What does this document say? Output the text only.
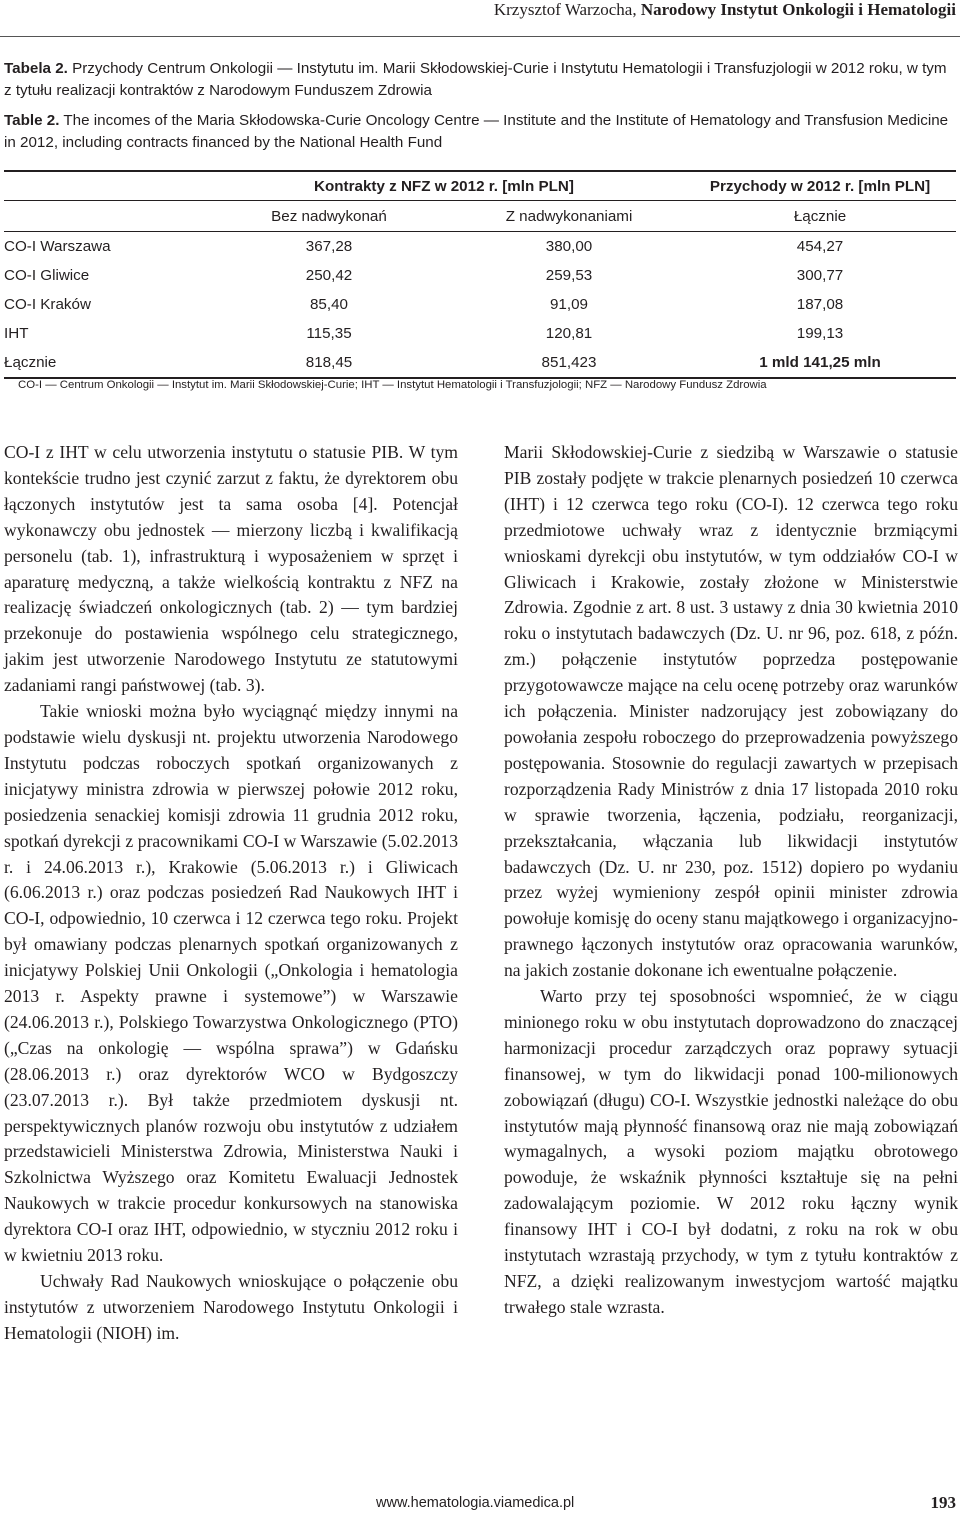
Krzysztof Warzocha, Narodowy Instytut Onkologii i Hematologii
Tabela 2. Przychody Centrum Onkologii — Instytutu im. Marii Skłodowskiej-Curie i Instytutu Hematologii i Transfuzjologii w 2012 roku, w tym z tytułu realizacji kontraktów z Narodowym Funduszem Zdrowia
Table 2. The incomes of the Maria Skłodowska-Curie Oncology Centre — Institute and the Institute of Hematology and Transfusion Medicine in 2012, including contracts financed by the National Health Fund
	Kontrakty z NFZ w 2012 r. [mln PLN]		Przychody w 2012 r. [mln PLN]
	Bez nadwykonań	Z nadwykonaniami	Łącznie
CO-I Warszawa	367,28	380,00	454,27
CO-I Gliwice	250,42	259,53	300,77
CO-I Kraków	85,40	91,09	187,08
IHT	115,35	120,81	199,13
Łącznie	818,45	851,423	1 mld 141,25 mln
CO-I — Centrum Onkologii — Instytut im. Marii Skłodowskiej-Curie; IHT — Instytut Hematologii i Transfuzjologii; NFZ — Narodowy Fundusz Zdrowia

CO-I z IHT w celu utworzenia instytutu o statusie PIB. W tym kontekście trudno jest czynić zarzut z faktu, że dyrektorem obu łączonych instytutów jest ta sama osoba [4]. Potencjał wykonawczy obu jednostek — mierzony liczbą i kwalifikacją personelu (tab. 1), infrastrukturą i wyposażeniem w sprzęt i aparaturę medyczną, a także wielkością kontraktu z NFZ na realizację świadczeń onkologicznych (tab. 2) — tym bardziej przekonuje do postawienia wspólnego celu strategicznego, jakim jest utworzenie Narodowego Instytutu ze statutowymi zadaniami rangi państwowej (tab. 3).

Takie wnioski można było wyciągnąć między innymi na podstawie wielu dyskusji nt. projektu utworzenia Narodowego Instytutu podczas roboczych spotkań organizowanych z inicjatywy ministra zdrowia w pierwszej połowie 2012 roku, posiedzenia senackiej komisji zdrowia 11 grudnia 2012 roku, spotkań dyrekcji z pracownikami CO-I w Warszawie (5.02.2013 r. i 24.06.2013 r.), Krakowie (5.06.2013 r.) i Gliwicach (6.06.2013 r.) oraz podczas posiedzeń Rad Naukowych IHT i CO-I, odpowiednio, 10 czerwca i 12 czerwca tego roku. Projekt był omawiany podczas plenarnych spotkań organizowanych z inicjatywy Polskiej Unii Onkologii („Onkologia i hematologia 2013 r. Aspekty prawne i systemowe”) w Warszawie (24.06.2013 r.), Polskiego Towarzystwa Onkologicznego (PTO) („Czas na onkologię — wspólna sprawa”) w Gdańsku (28.06.2013 r.) oraz dyrektorów WCO w Bydgoszczy (23.07.2013 r.). Był także przedmiotem dyskusji nt. perspektywicznych planów rozwoju obu instytutów z udziałem przedstawicieli Ministerstwa Zdrowia, Ministerstwa Nauki i Szkolnictwa Wyższego oraz Komitetu Ewaluacji Jednostek Naukowych w trakcie procedur konkursowych na stanowiska dyrektora CO-I oraz IHT, odpowiednio, w styczniu 2012 roku i w kwietniu 2013 roku.

Uchwały Rad Naukowych wnioskujące o połączenie obu instytutów z utworzeniem Narodowego Instytutu Onkologii i Hematologii (NIOH) im.

Marii Skłodowskiej-Curie z siedzibą w Warszawie o statusie PIB zostały podjęte w trakcie plenarnych posiedzeń 10 czerwca (IHT) i 12 czerwca tego roku (CO-I). 12 czerwca tego roku przedmiotowe uchwały wraz z identycznie brzmiącymi wnioskami dyrekcji obu instytutów, w tym oddziałów CO-I w Gliwicach i Krakowie, zostały złożone w Ministerstwie Zdrowia. Zgodnie z art. 8 ust. 3 ustawy z dnia 30 kwietnia 2010 roku o instytutach badawczych (Dz. U. nr 96, poz. 618, z późn. zm.) połączenie instytutów poprzedza postępowanie przygotowawcze mające na celu ocenę potrzeby oraz warunków ich połączenia. Minister nadzorujący jest zobowiązany do powołania zespołu roboczego do przeprowadzenia powyższego postępowania. Stosownie do regulacji zawartych w przepisach rozporządzenia Rady Ministrów z dnia 17 listopada 2010 roku w sprawie tworzenia, łączenia, podziału, reorganizacji, przekształcania, włączania lub likwidacji instytutów badawczych (Dz. U. nr 230, poz. 1512) dopiero po wydaniu przez wyżej wymieniony zespół opinii minister zdrowia powołuje komisję do oceny stanu majątkowego i organizacyjno-prawnego łączonych instytutów oraz opracowania warunków, na jakich zostanie dokonane ich ewentualne połączenie.

Warto przy tej sposobności wspomnieć, że w ciągu minionego roku w obu instytutach doprowadzono do znaczącej harmonizacji procedur zarządczych oraz poprawy sytuacji finansowej, w tym do likwidacji ponad 100-milionowych zobowiązań (długu) CO-I. Wszystkie jednostki należące do obu instytutów mają płynność finansową oraz nie mają zobowiązań wymagalnych, a wysoki poziom majątku obrotowego powoduje, że wskaźnik płynności kształtuje się na pełni zadowalającym poziomie. W 2012 roku łączny wynik finansowy IHT i CO-I był dodatni, z roku na rok w obu instytutach wzrastają przychody, w tym z tytułu kontraktów z NFZ, a dzięki realizowanym inwestycjom wartość majątku trwałego stale wzrasta.

www.hematologia.viamedica.pl	193
